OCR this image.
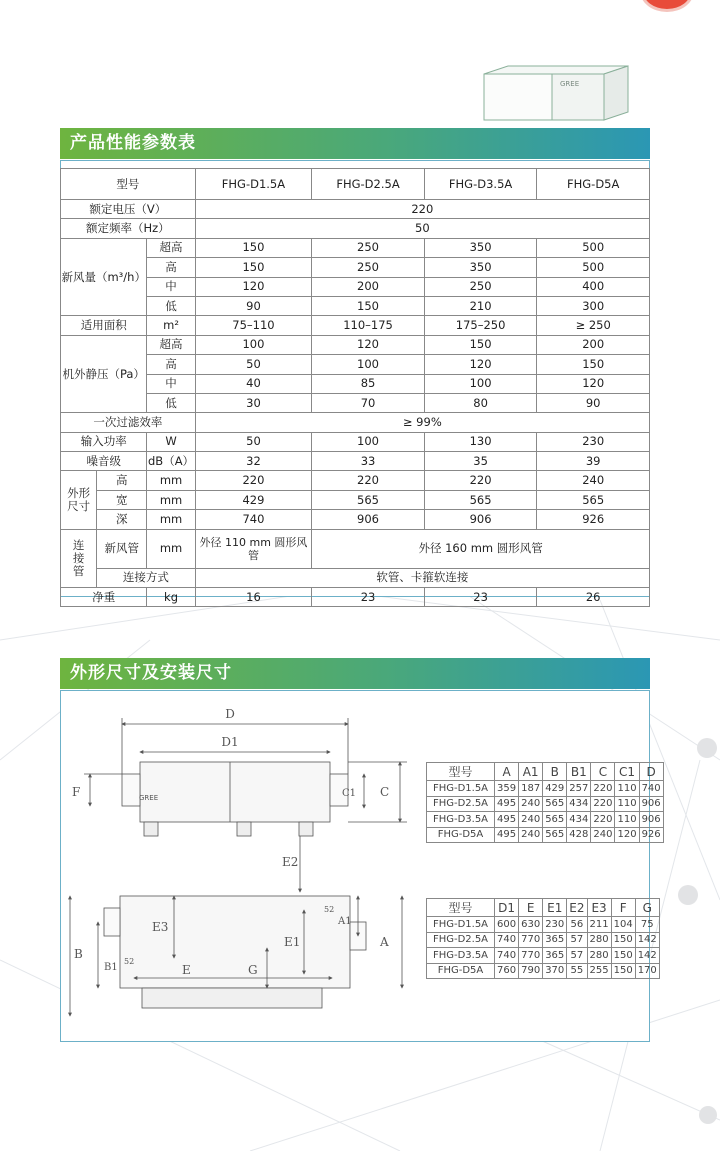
GREE
产品性能参数表
型号			FHG-D1.5A	FHG-D2.5A	FHG-D3.5A	FHG-D5A
额定电压（V）			220			
额定频率（Hz）			50			
新风量（m³/h）		超高	150	250	350	500
		高	150	250	350	500
		中	120	200	250	400
		低	90	150	210	300
适用面积		m²	75–110	110–175	175–250	≥ 250
机外静压（Pa）		超高	100	120	150	200
		高	50	100	120	150
		中	40	85	100	120
		低	30	70	80	90
一次过滤效率			≥ 99%			
输入功率		W	50	100	130	230
噪音级		dB（A）	32	33	35	39
外形尺寸	高	mm	220	220	220	240
	宽	mm	429	565	565	565
	深	mm	740	906	906	926
连接管	新风管	mm	外径 110 mm 圆形风管	外径 160 mm 圆形风管		
	连接方式		软管、卡箍软连接			
净重		kg	16	23	23	26
外形尺寸及安装尺寸
GREE
D
D1
C
C1
F
E2
E3
E
E1
G
A
A1
B
B1
52
52
型号	A	A1	B	B1	C	C1	D
FHG-D1.5A	359	187	429	257	220	110	740
FHG-D2.5A	495	240	565	434	220	110	906
FHG-D3.5A	495	240	565	434	220	110	906
FHG-D5A	495	240	565	428	240	120	926
型号	D1	E	E1	E2	E3	F	G
FHG-D1.5A	600	630	230	56	211	104	75
FHG-D2.5A	740	770	365	57	280	150	142
FHG-D3.5A	740	770	365	57	280	150	142
FHG-D5A	760	790	370	55	255	150	170
